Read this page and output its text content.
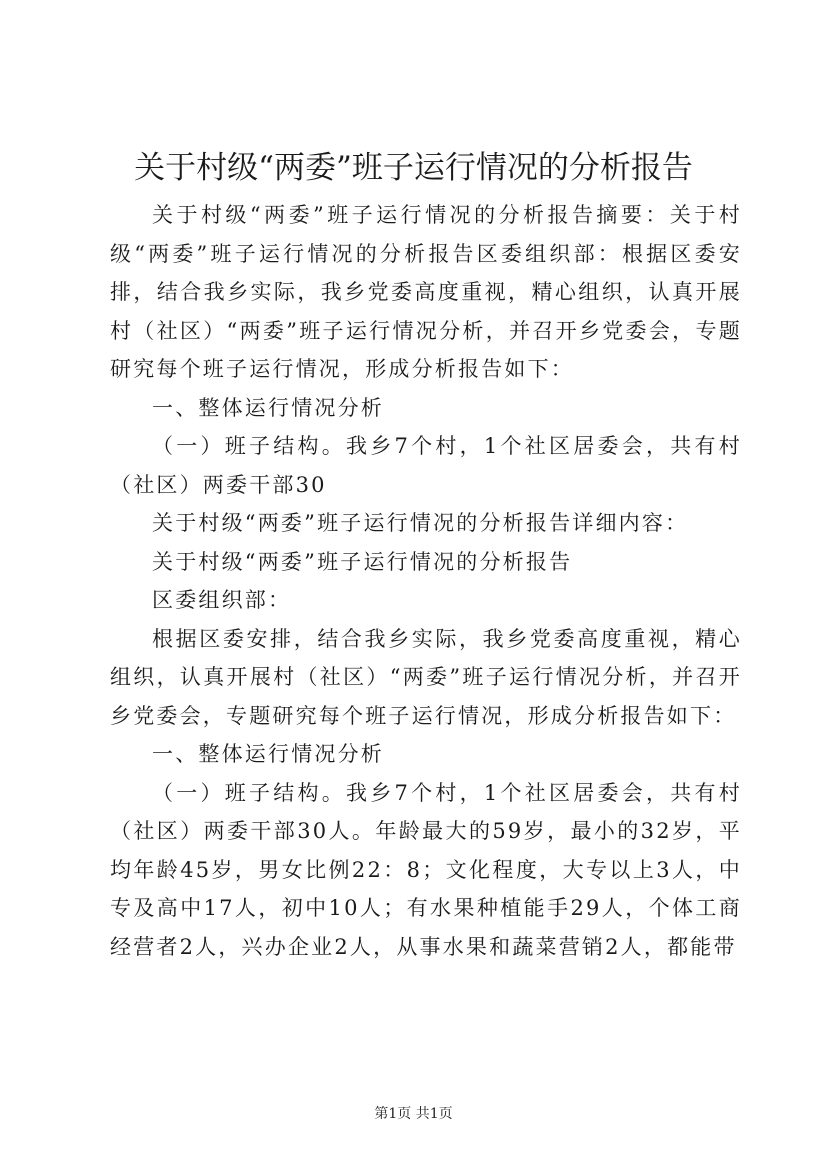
关于村级“两委”班子运行情况的分析报告

关于村级“两委”班子运行情况的分析报告摘要：关于村级“两委”班子运行情况的分析报告区委组织部：根据区委安排，结合我乡实际，我乡党委高度重视，精心组织，认真开展村（社区）“两委”班子运行情况分析，并召开乡党委会，专题研究每个班子运行情况，形成分析报告如下：

一、整体运行情况分析

（一）班子结构。我乡7个村，1个社区居委会，共有村（社区）两委干部30

关于村级“两委”班子运行情况的分析报告详细内容：

关于村级“两委”班子运行情况的分析报告

区委组织部：

根据区委安排，结合我乡实际，我乡党委高度重视，精心组织，认真开展村（社区）“两委”班子运行情况分析，并召开乡党委会，专题研究每个班子运行情况，形成分析报告如下：

一、整体运行情况分析

（一）班子结构。我乡7个村，1个社区居委会，共有村（社区）两委干部30人。年龄最大的59岁，最小的32岁，平均年龄45岁，男女比例22：8；文化程度，大专以上3人，中专及高中17人，初中10人；有水果种植能手29人，个体工商经营者2人，兴办企业2人，从事水果和蔬菜营销2人，都能带

第1页 共1页
